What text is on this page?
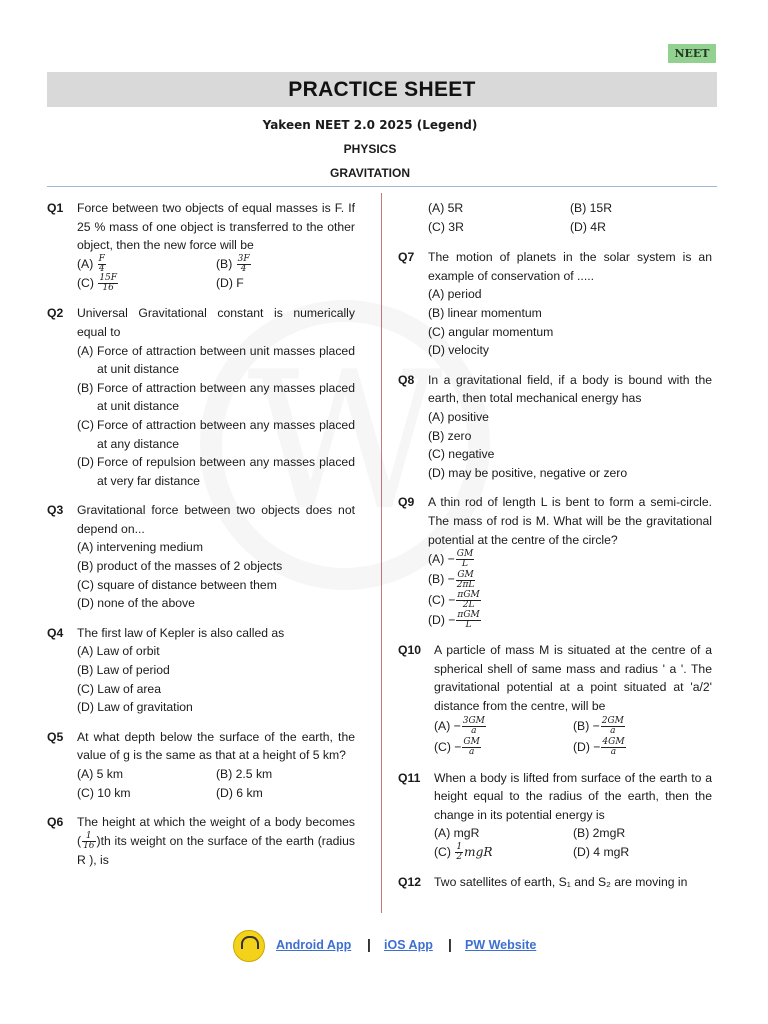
NEET
PRACTICE SHEET
Yakeen NEET 2.0 2025 (Legend)
PHYSICS
GRAVITATION
Q1	Force between two objects of equal masses is F. If 25 % mass of one object is transferred to the other object, then the new force will be
$(A) \frac{F}{4}$	$(B) \frac{3F}{4}$
$(C) \frac{15F}{16}$	(D) F
Q2	Universal Gravitational constant is numerically equal to
(A) Force of attraction between unit masses placed at unit distance
(B) Force of attraction between any masses placed at unit distance
(C) Force of attraction between any masses placed at any distance
(D) Force of repulsion between any masses placed at very far distance
Q3	Gravitational force between two objects does not depend on...
(A) intervening medium
(B) product of the masses of 2 objects
(C) square of distance between them
(D) none of the above
Q4	The first law of Kepler is also called as
(A) Law of orbit
(B) Law of period
(C) Law of area
(D) Law of gravitation
Q5	At what depth below the surface of the earth, the value of g is the same as that at a height of 5 km?
(A) 5 km	(B) 2.5 km
(C) 10 km	(D) 6 km
Q6	The height at which the weight of a body becomes ( $\frac{1}{16} )th$ its weight on the surface of the earth (radius R ), is
(A) 5R	(B) 15R
(C) 3R	(D) 4R
Q7	The motion of planets in the solar system is an example of conservation of .....
(A) period
(B) linear momentum
(C) angular momentum
(D) velocity
Q8	In a gravitational field, if a body is bound with the earth, then total mechanical energy has
(A) positive
(B) zero
(C) negative
(D) may be positive, negative or zero
Q9	A thin rod of length L is bent to form a semi-circle. The mass of rod is M. What will be the gravitational potential at the centre of the circle?
$(A) - \frac{GM}{L}$
$(B) - \frac{GM}{2\pi L}$
$(C) - \frac{\text{πGM}}{2L}$
$(D) - \frac{\text{πGM}}{L}$
Q10	A particle of mass M is situated at the centre of a spherical shell of same mass and radius ' a '. The gravitational potential at a point situated at 'a/2' distance from the centre, will be
$(A) - \frac{3GM}{a}$	$(B) - \frac{2GM}{a}$
$(C) - \frac{GM}{a}$	$(D) - \frac{4GM}{a}$
Q11	When a body is lifted from surface of the earth to a height equal to the radius of the earth, then the change in its potential energy is
(A) mgR	(B) 2mgR
$(C) \frac{1}{2}$ mgR	(D) 4 mgR
Q12	Two satellites of earth, S₁ and S₂ are moving in
Android App | iOS App | PW Website
